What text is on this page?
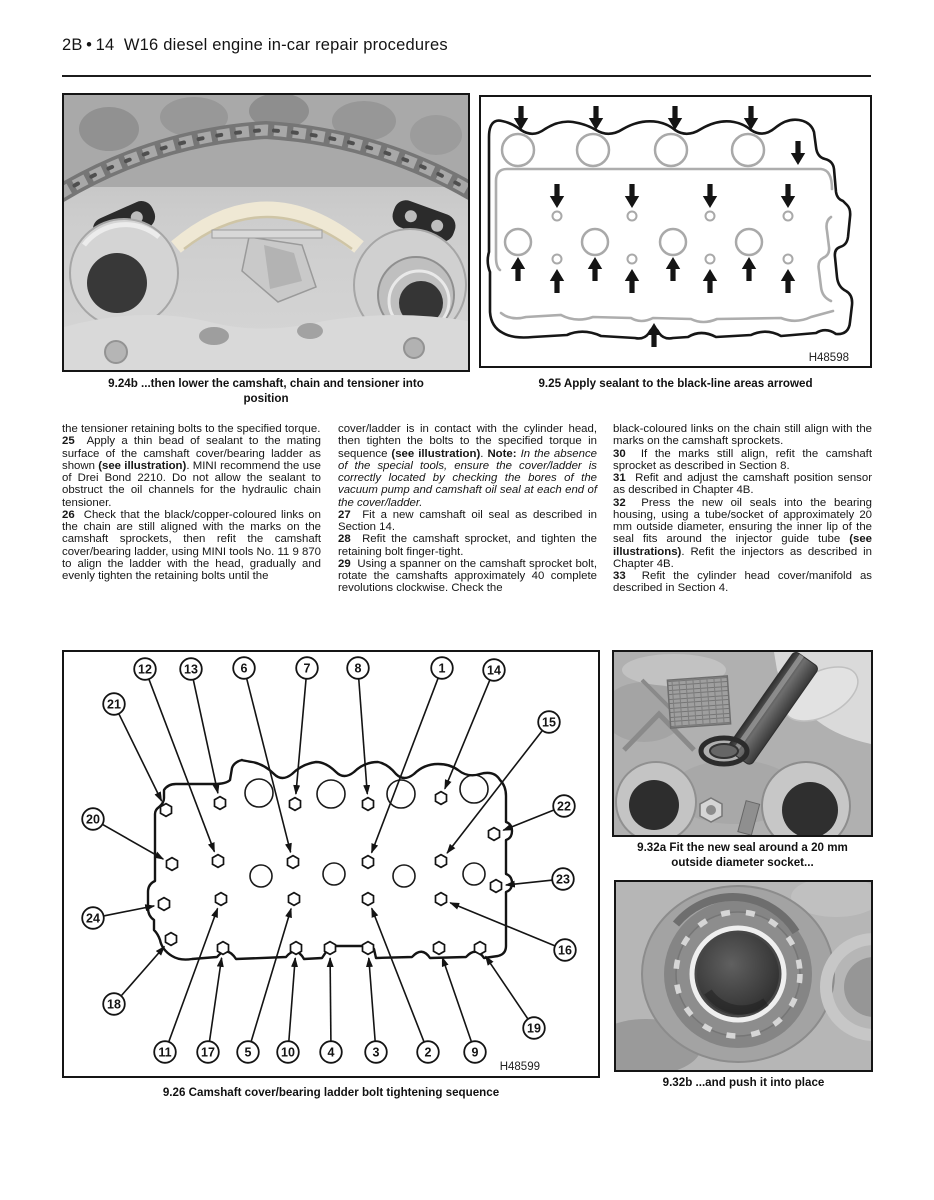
2B • 14  W16 diesel engine in-car repair procedures
H48598
9.24b ...then lower the camshaft, chain and tensioner into
position
9.25 Apply sealant to the black-line areas arrowed

the tensioner retaining bolts to the specified torque.

25  Apply a thin bead of sealant to the mating surface of the camshaft cover/bearing ladder as shown (see illustration). MINI recommend the use of Drei Bond 2210. Do not allow the sealant to obstruct the oil channels for the hydraulic chain tensioner.

26  Check that the black/copper-coloured links on the chain are still aligned with the marks on the camshaft sprockets, then refit the camshaft cover/bearing ladder, using MINI tools No. 11 9 870 to align the ladder with the head, gradually and evenly tighten the retaining bolts until the

cover/ladder is in contact with the cylinder head, then tighten the bolts to the specified torque in sequence (see illustration). Note: In the absence of the special tools, ensure the cover/ladder is correctly located by checking the bores of the vacuum pump and camshaft oil seal at each end of the cover/ladder.

27  Fit a new camshaft oil seal as described in Section 14.

28  Refit the camshaft sprocket, and tighten the retaining bolt finger-tight.

29  Using a spanner on the camshaft sprocket bolt, rotate the camshafts approximately 40 complete revolutions clockwise. Check the

black-coloured links on the chain still align with the marks on the camshaft sprockets.

30  If the marks still align, refit the camshaft sprocket as described in Section 8.

31  Refit and adjust the camshaft position sensor as described in Chapter 4B.

32  Press the new oil seals into the bearing housing, using a tube/socket of approximately 20 mm outside diameter, ensuring the inner lip of the seal fits around the injector guide tube (see illustrations). Refit the injectors as described in Chapter 4B.

33  Refit the cylinder head cover/manifold as described in Section 4.

1
2
3
4
5
6	7	8
9
10
11
12	13	14
15
16
17
18
19
20
21
22
23
24
H48599
9.26 Camshaft cover/bearing ladder bolt tightening sequence
9.32a Fit the new seal around a 20 mm
outside diameter socket...
9.32b ...and push it into place
